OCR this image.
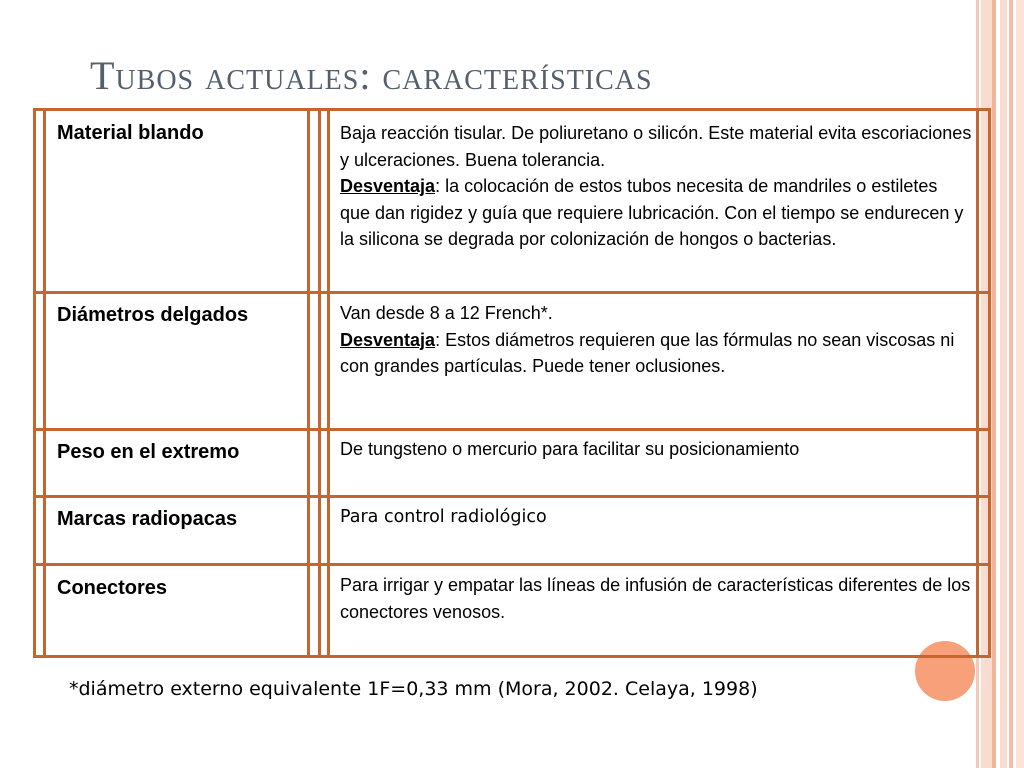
Tubos actuales: características
Material blando	Baja reacción tisular. De poliuretano o silicón. Este material evita escoriaciones y ulceraciones. Buena tolerancia.
Desventaja: la colocación de estos tubos necesita de mandriles o estiletes que dan rigidez y guía que requiere lubricación. Con el tiempo se endurecen y la silicona se degrada por colonización de hongos o bacterias.
Diámetros delgados	Van desde 8 a 12 French*.
Desventaja: Estos diámetros requieren que las fórmulas no sean viscosas ni con grandes partículas. Puede tener oclusiones.
Peso en el extremo	De tungsteno o mercurio para facilitar su posicionamiento
Marcas radiopacas	Para control radiológico
Conectores	Para irrigar y empatar las líneas de infusión de características diferentes de los conectores venosos.
*diámetro externo equivalente 1F=0,33 mm (Mora, 2002. Celaya, 1998)
